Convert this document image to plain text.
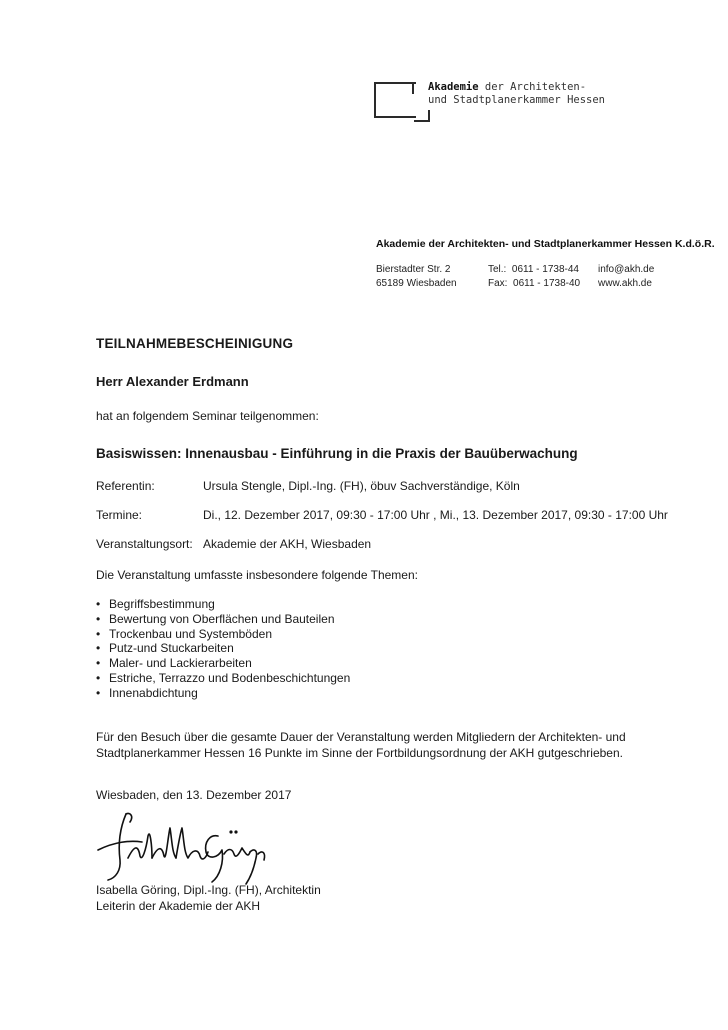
Akademie der Architekten-
und Stadtplanerkammer Hessen
Akademie der Architekten- und Stadtplanerkammer Hessen K.d.ö.R.
Bierstadter Str. 2
65189 Wiesbaden
Tel.:  0611 - 1738-44
Fax:  0611 - 1738-40
info@akh.de
www.akh.de
TEILNAHMEBESCHEINIGUNG
Herr Alexander Erdmann
hat an folgendem Seminar teilgenommen:
Basiswissen: Innenausbau - Einführung in die Praxis der Bauüberwachung
Referentin:	Ursula Stengle, Dipl.-Ing. (FH), öbuv Sachverständige, Köln
Termine:	Di., 12. Dezember 2017, 09:30 - 17:00 Uhr , Mi., 13. Dezember 2017, 09:30 - 17:00 Uhr
Veranstaltungsort: Akademie der AKH, Wiesbaden
Die Veranstaltung umfasste insbesondere folgende Themen:
• Begriffsbestimmung
• Bewertung von Oberflächen und Bauteilen
• Trockenbau und Systemböden
• Putz-und Stuckarbeiten
• Maler- und Lackierarbeiten
• Estriche, Terrazzo und Bodenbeschichtungen
• Innenabdichtung
Für den Besuch über die gesamte Dauer der Veranstaltung werden Mitgliedern der Architekten- und Stadtplanerkammer Hessen 16 Punkte im Sinne der Fortbildungsordnung der AKH gutgeschrieben.
Wiesbaden, den 13. Dezember 2017
Isabella Göring, Dipl.-Ing. (FH), Architektin
Leiterin der Akademie der AKH
